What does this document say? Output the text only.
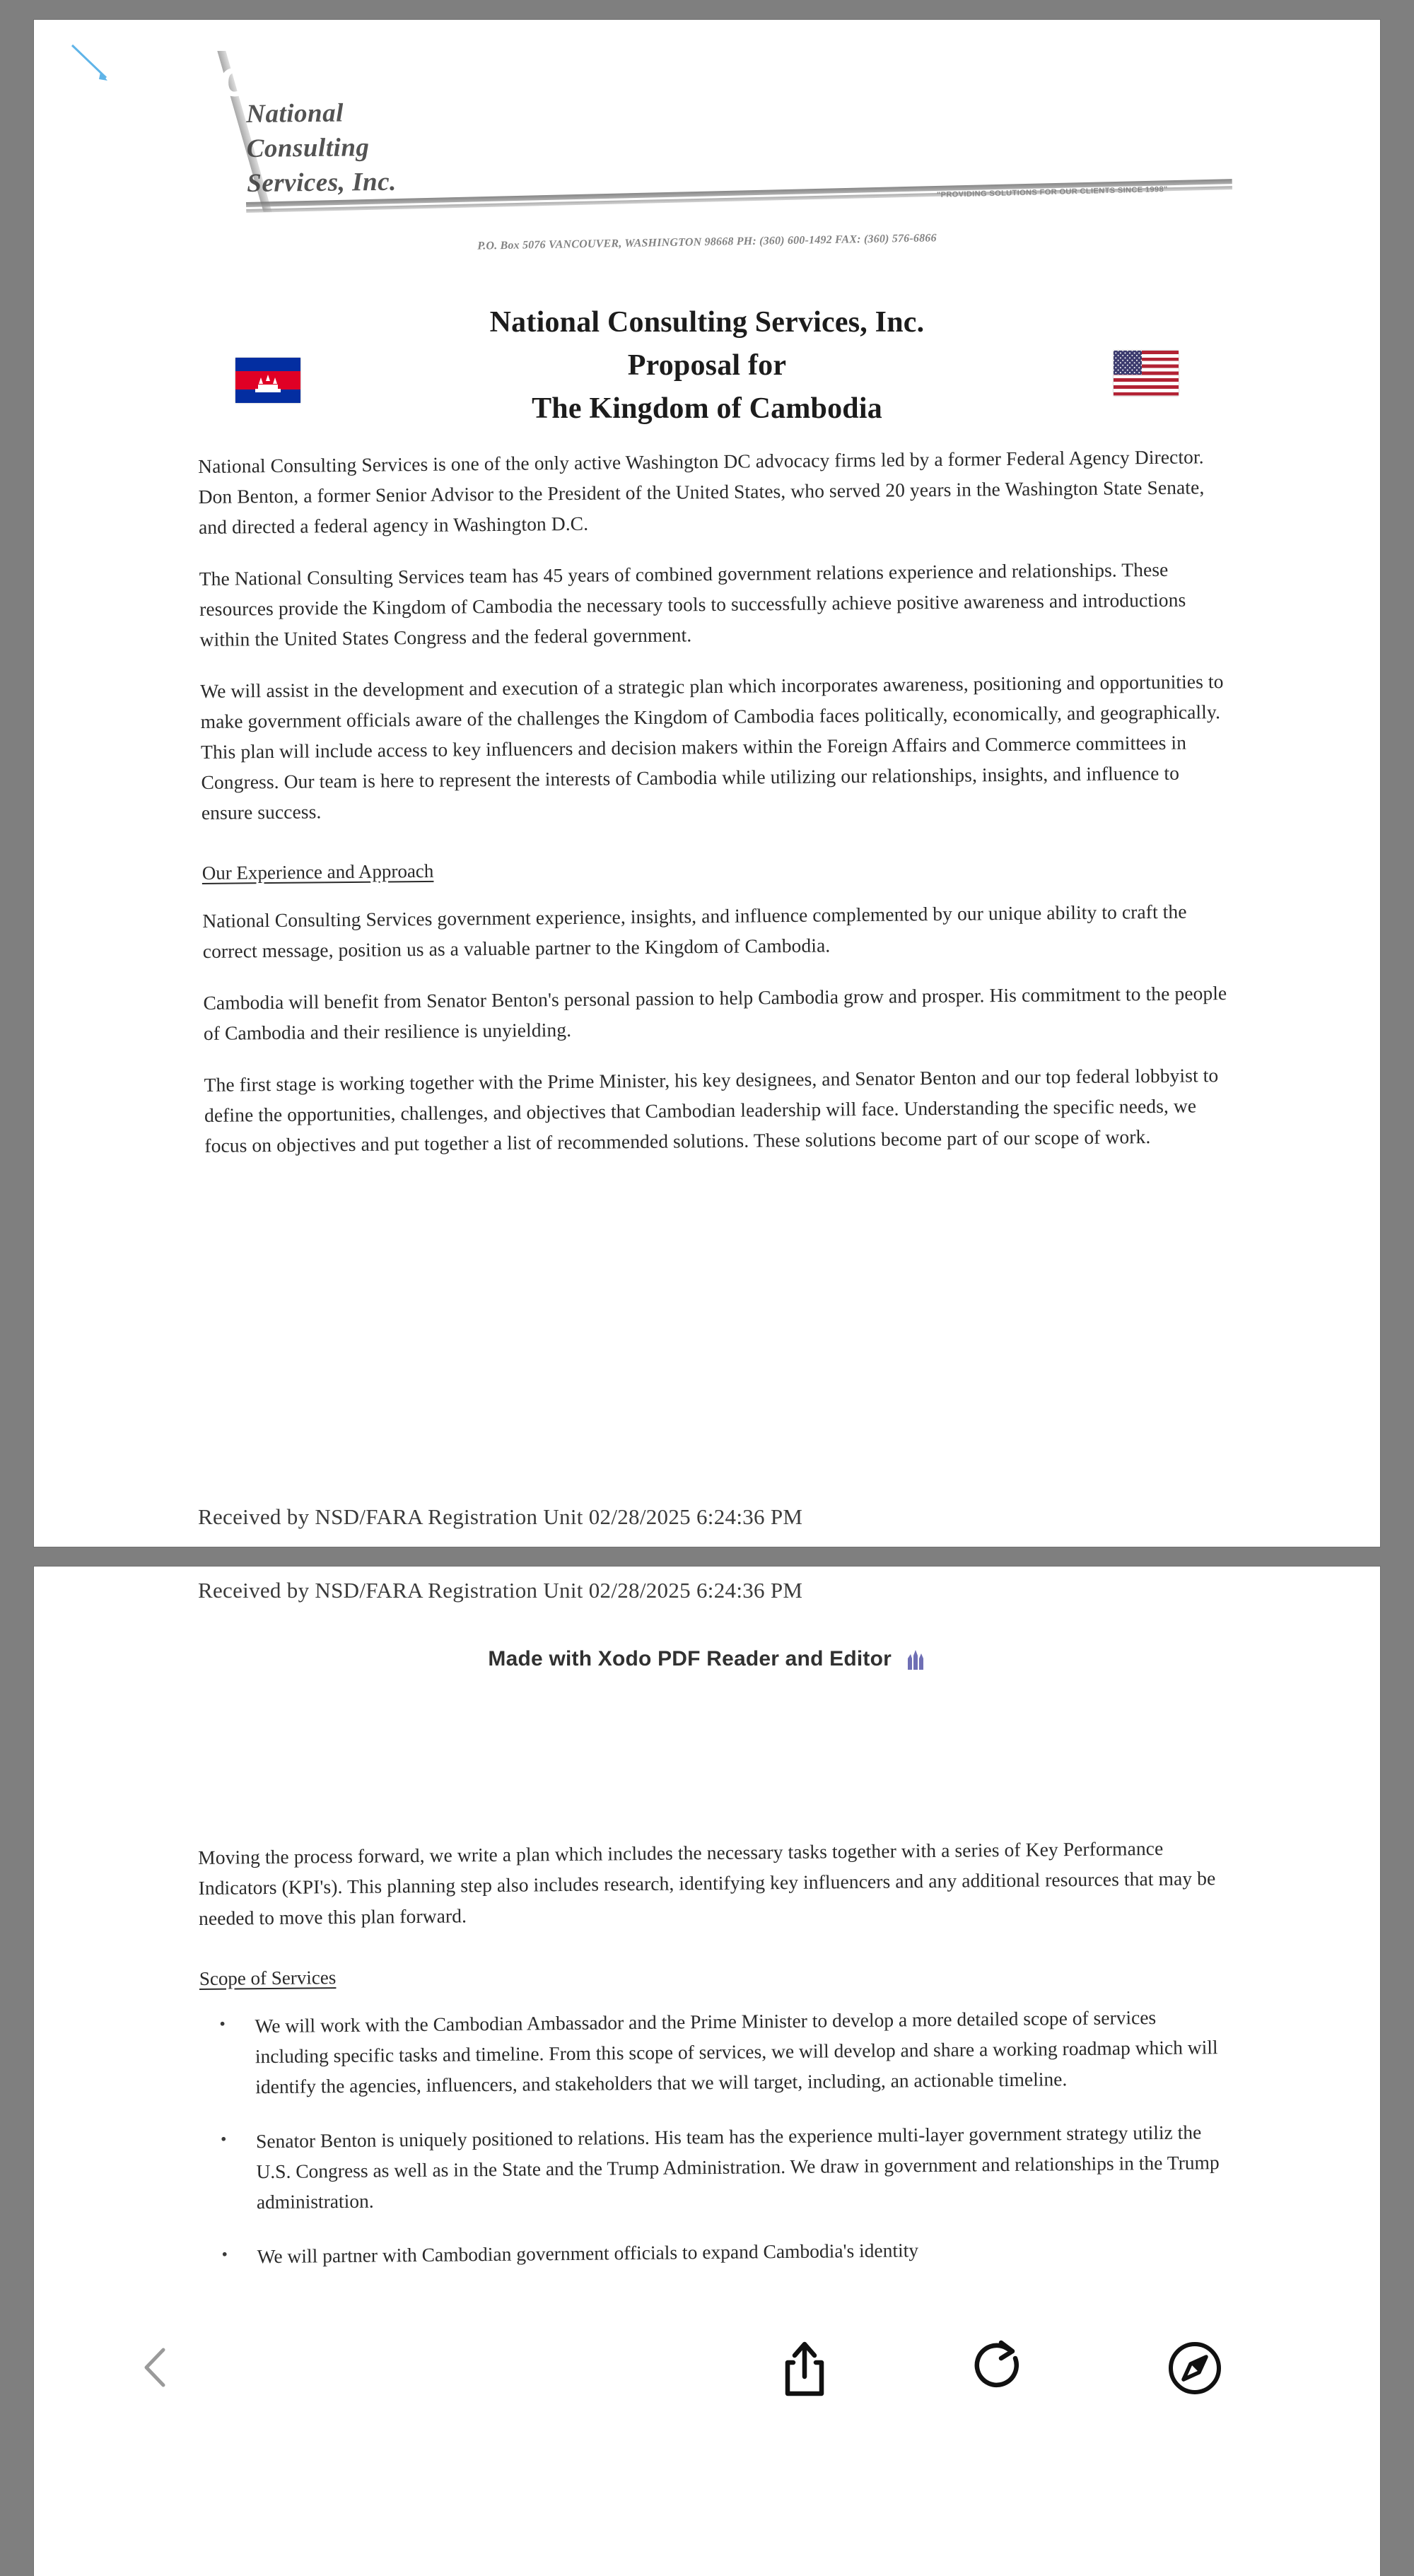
National
Consulting
Services, Inc.	"PROVIDING SOLUTIONS FOR OUR CLIENTS SINCE 1998"
P.O. Box 5076 VANCOUVER, WASHINGTON 98668 PH: (360) 600-1492 FAX: (360) 576-6866
National Consulting Services, Inc.
Proposal for
The Kingdom of Cambodia

National Consulting Services is one of the only active Washington DC advocacy firms led by a former Federal Agency Director. Don Benton, a former Senior Advisor to the President of the United States, who served 20 years in the Washington State Senate, and directed a federal agency in Washington D.C.

The National Consulting Services team has 45 years of combined government relations experience and relationships. These resources provide the Kingdom of Cambodia the necessary tools to successfully achieve positive awareness and introductions within the United States Congress and the federal government.

We will assist in the development and execution of a strategic plan which incorporates awareness, positioning and opportunities to make government officials aware of the challenges the Kingdom of Cambodia faces politically, economically, and geographically. This plan will include access to key influencers and decision makers within the Foreign Affairs and Commerce committees in Congress. Our team is here to represent the interests of Cambodia while utilizing our relationships, insights, and influence to ensure success.

Our Experience and Approach

National Consulting Services government experience, insights, and influence complemented by our unique ability to craft the correct message, position us as a valuable partner to the Kingdom of Cambodia.

Cambodia will benefit from Senator Benton's personal passion to help Cambodia grow and prosper. His commitment to the people of Cambodia and their resilience is unyielding.

The first stage is working together with the Prime Minister, his key designees, and Senator Benton and our top federal lobbyist to define the opportunities, challenges, and objectives that Cambodian leadership will face. Understanding the specific needs, we focus on objectives and put together a list of recommended solutions. These solutions become part of our scope of work.

Received by NSD/FARA Registration Unit 02/28/2025 6:24:36 PM
Received by NSD/FARA Registration Unit 02/28/2025 6:24:36 PM
Made with Xodo PDF Reader and Editor

Moving the process forward, we write a plan which includes the necessary tasks together with a series of Key Performance Indicators (KPI's). This planning step also includes research, identifying key influencers and any additional resources that may be needed to move this plan forward.

Scope of Services
• We will work with the Cambodian Ambassador and the Prime Minister to develop a more detailed scope of services including specific tasks and timeline. From this scope of services, we will develop and share a working roadmap which will identify the agencies, influencers, and stakeholders that we will target, including, an actionable timeline.
• Senator Benton is uniquely positioned to relations. His team has the experience multi-layer government strategy utiliz the U.S. Congress as well as in the State and the Trump Administration. We draw in government and relationships in the Trump administration.
• We will partner with Cambodian government officials to expand Cambodia's identity
THE
nation
